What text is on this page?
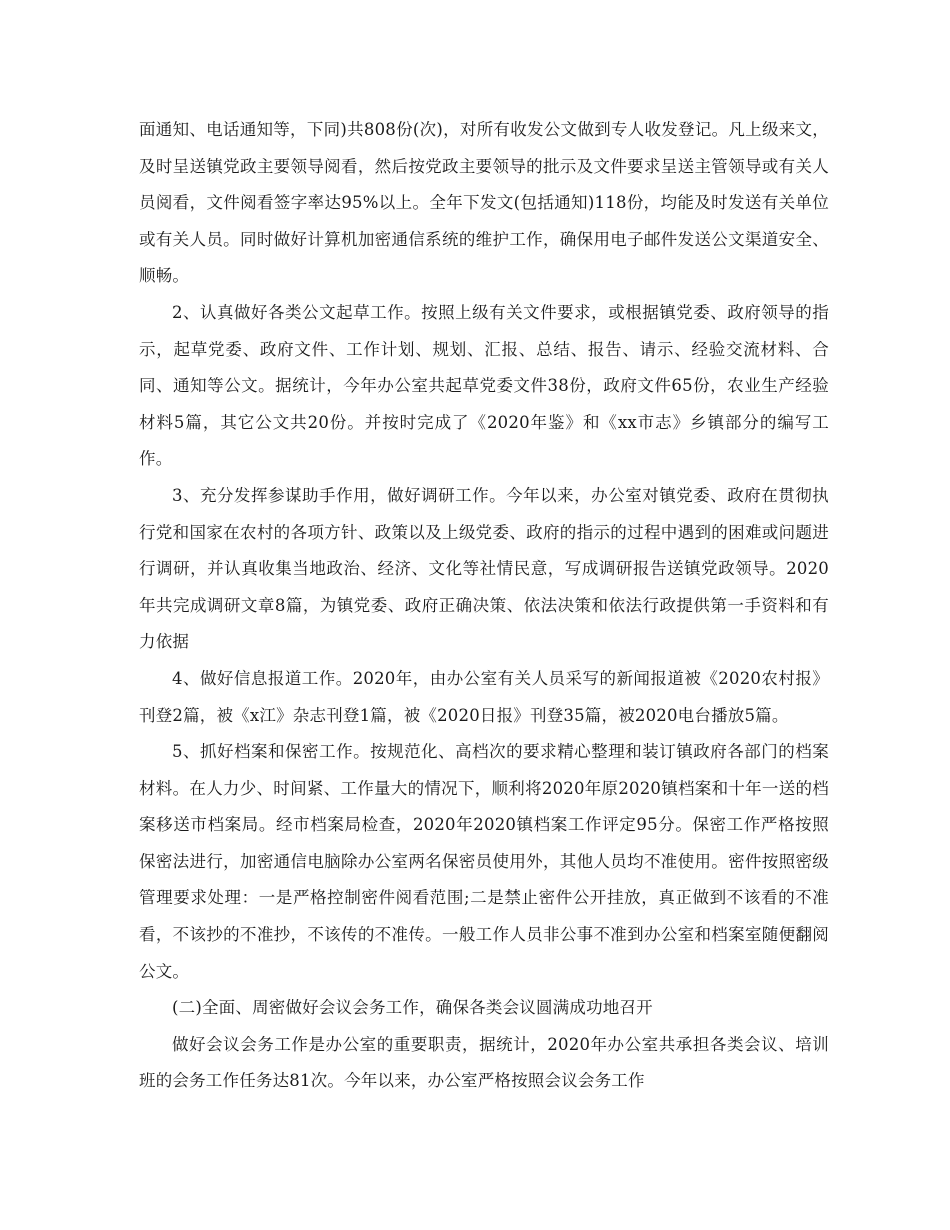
面通知、电话通知等，下同)共808份(次)，对所有收发公文做到专人收发登记。凡上级来文，及时呈送镇党政主要领导阅看，然后按党政主要领导的批示及文件要求呈送主管领导或有关人员阅看，文件阅看签字率达95%以上。全年下发文(包括通知)118份，均能及时发送有关单位或有关人员。同时做好计算机加密通信系统的维护工作，确保用电子邮件发送公文渠道安全、顺畅。

2、认真做好各类公文起草工作。按照上级有关文件要求，或根据镇党委、政府领导的指示，起草党委、政府文件、工作计划、规划、汇报、总结、报告、请示、经验交流材料、合同、通知等公文。据统计，今年办公室共起草党委文件38份，政府文件65份，农业生产经验材料5篇，其它公文共20份。并按时完成了《2020年鉴》和《xx市志》乡镇部分的编写工作。

3、充分发挥参谋助手作用，做好调研工作。今年以来，办公室对镇党委、政府在贯彻执行党和国家在农村的各项方针、政策以及上级党委、政府的指示的过程中遇到的困难或问题进行调研，并认真收集当地政治、经济、文化等社情民意，写成调研报告送镇党政领导。2020年共完成调研文章8篇，为镇党委、政府正确决策、依法决策和依法行政提供第一手资料和有力依据

4、做好信息报道工作。2020年，由办公室有关人员采写的新闻报道被《2020农村报》刊登2篇，被《x江》杂志刊登1篇，被《2020日报》刊登35篇，被2020电台播放5篇。

5、抓好档案和保密工作。按规范化、高档次的要求精心整理和装订镇政府各部门的档案材料。在人力少、时间紧、工作量大的情况下，顺利将2020年原2020镇档案和十年一送的档案移送市档案局。经市档案局检查，2020年2020镇档案工作评定95分。保密工作严格按照保密法进行，加密通信电脑除办公室两名保密员使用外，其他人员均不准使用。密件按照密级管理要求处理：一是严格控制密件阅看范围;二是禁止密件公开挂放，真正做到不该看的不准看，不该抄的不准抄，不该传的不准传。一般工作人员非公事不准到办公室和档案室随便翻阅公文。

(二)全面、周密做好会议会务工作，确保各类会议圆满成功地召开

做好会议会务工作是办公室的重要职责，据统计，2020年办公室共承担各类会议、培训班的会务工作任务达81次。今年以来，办公室严格按照会议会务工作
